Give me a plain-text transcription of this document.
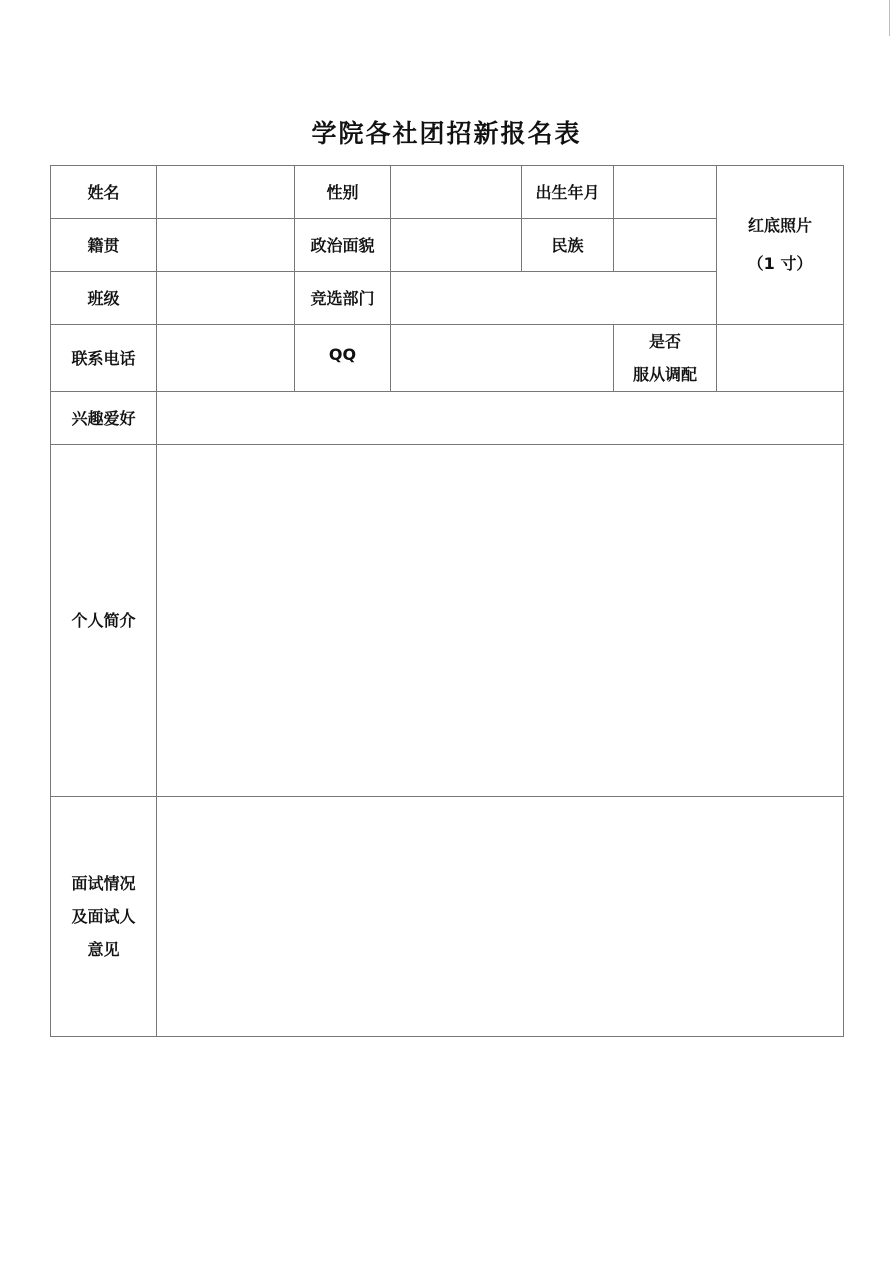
学院各社团招新报名表
姓名		性别		出生年月		红底照片
（1 寸）

籍贯		政治面貌		民族		
班级		竞选部门				
联系电话		QQ			是否
服从调配	

兴趣爱好						
个人简介						

面试情况
及面试人
意见						
